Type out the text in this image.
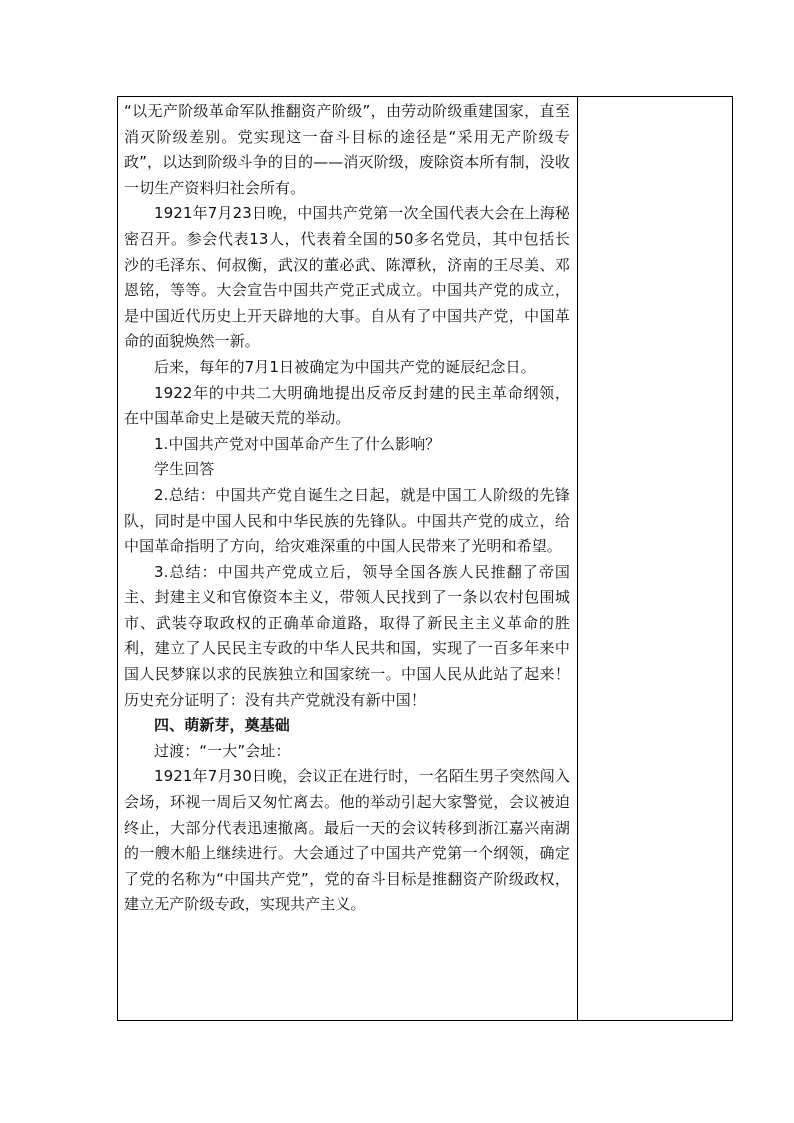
“以无产阶级革命军队推翻资产阶级”，由劳动阶级重建国家，直至消灭阶级差别。党实现这一奋斗目标的途径是“采用无产阶级专政”，以达到阶级斗争的目的——消灭阶级，废除资本所有制，没收一切生产资料归社会所有。

1921年7月23日晚，中国共产党第一次全国代表大会在上海秘密召开。参会代表13人，代表着全国的50多名党员，其中包括长沙的毛泽东、何叔衡，武汉的董必武、陈潭秋，济南的王尽美、邓恩铭，等等。大会宣告中国共产党正式成立。中国共产党的成立，是中国近代历史上开天辟地的大事。自从有了中国共产党，中国革命的面貌焕然一新。

后来，每年的7月1日被确定为中国共产党的诞辰纪念日。

1922年的中共二大明确地提出反帝反封建的民主革命纲领，在中国革命史上是破天荒的举动。

1.中国共产党对中国革命产生了什么影响？

学生回答

2.总结：中国共产党自诞生之日起，就是中国工人阶级的先锋队，同时是中国人民和中华民族的先锋队。中国共产党的成立，给中国革命指明了方向，给灾难深重的中国人民带来了光明和希望。

3.总结：中国共产党成立后，领导全国各族人民推翻了帝国主、封建主义和官僚资本主义，带领人民找到了一条以农村包围城市、武装夺取政权的正确革命道路，取得了新民主主义革命的胜利，建立了人民民主专政的中华人民共和国，实现了一百多年来中国人民梦寐以求的民族独立和国家统一。中国人民从此站了起来！历史充分证明了：没有共产党就没有新中国！

四、萌新芽，奠基础

过渡：“一大”会址：

1921年7月30日晚，会议正在进行时，一名陌生男子突然闯入会场，环视一周后又匆忙离去。他的举动引起大家警觉，会议被迫终止，大部分代表迅速撤离。最后一天的会议转移到浙江嘉兴南湖的一艘木船上继续进行。大会通过了中国共产党第一个纲领，确定了党的名称为“中国共产党”，党的奋斗目标是推翻资产阶级政权，建立无产阶级专政，实现共产主义。
